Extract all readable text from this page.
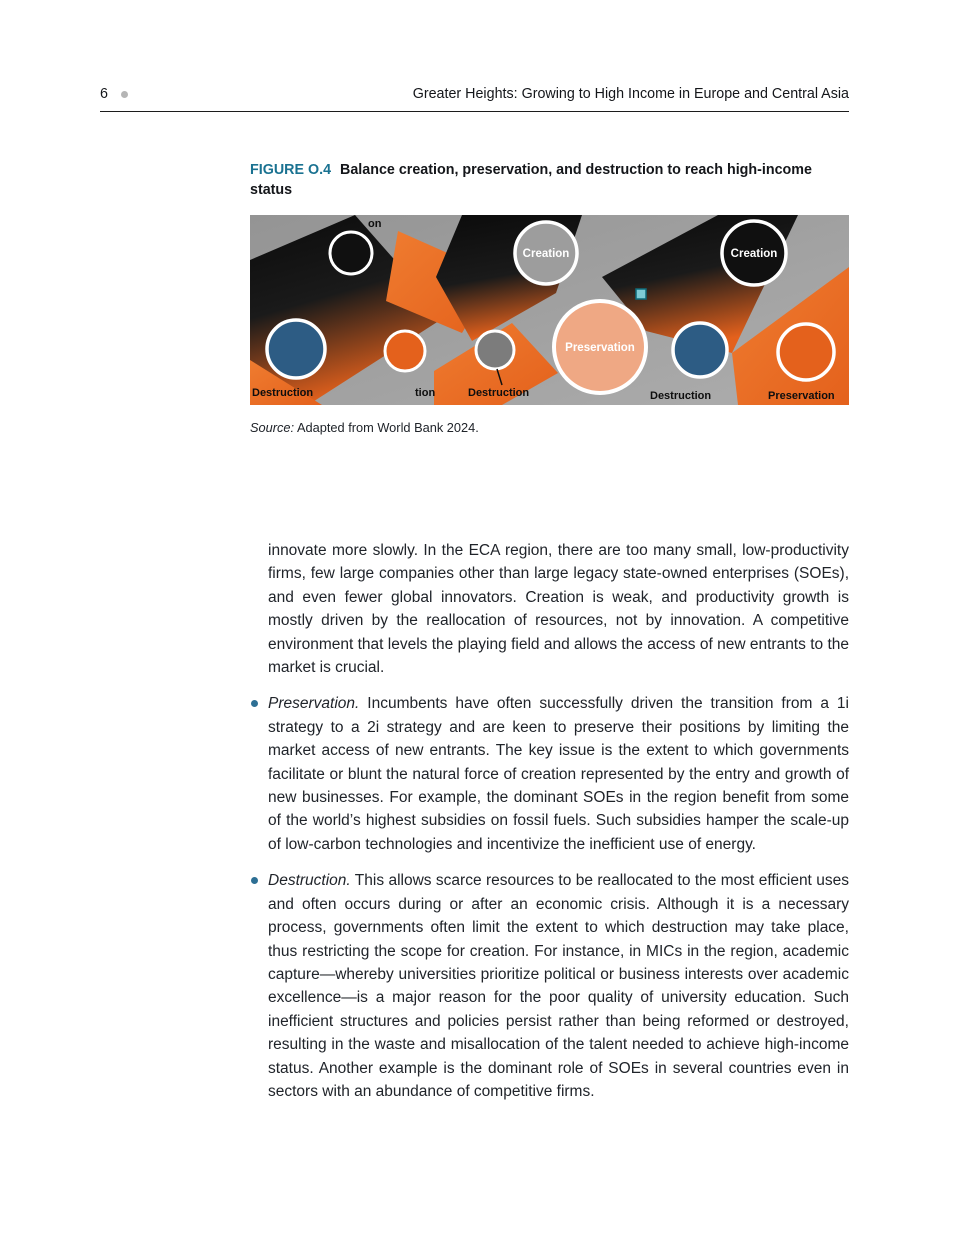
6	Greater Heights: Growing to High Income in Europe and Central Asia
FIGURE O.4 Balance creation, preservation, and destruction to reach high-income status
on
Destruction	tion
Creation
Preservation
Destruction
Creation
Destruction	Preservation
Source: Adapted from World Bank 2024.

innovate more slowly. In the ECA region, there are too many small, low-productivity firms, few large companies other than large legacy state-owned enterprises (SOEs), and even fewer global innovators. Creation is weak, and productivity growth is mostly driven by the reallocation of resources, not by innovation. A competitive environment that levels the playing field and allows the access of new entrants to the market is crucial.

Preservation. Incumbents have often successfully driven the transition from a 1i strategy to a 2i strategy and are keen to preserve their positions by limiting the market access of new entrants. The key issue is the extent to which governments facilitate or blunt the natural force of creation represented by the entry and growth of new businesses. For example, the dominant SOEs in the region benefit from some of the world’s highest subsidies on fossil fuels. Such subsidies hamper the scale-up of low-carbon technologies and incentivize the inefficient use of energy.
Destruction. This allows scarce resources to be reallocated to the most efficient uses and often occurs during or after an economic crisis. Although it is a necessary process, governments often limit the extent to which destruction may take place, thus restricting the scope for creation. For instance, in MICs in the region, academic capture—whereby universities prioritize political or business interests over academic excellence—is a major reason for the poor quality of university education. Such inefficient structures and policies persist rather than being reformed or destroyed, resulting in the waste and misallocation of the talent needed to achieve high-income status. Another example is the dominant role of SOEs in several countries even in sectors with an abundance of competitive firms.
